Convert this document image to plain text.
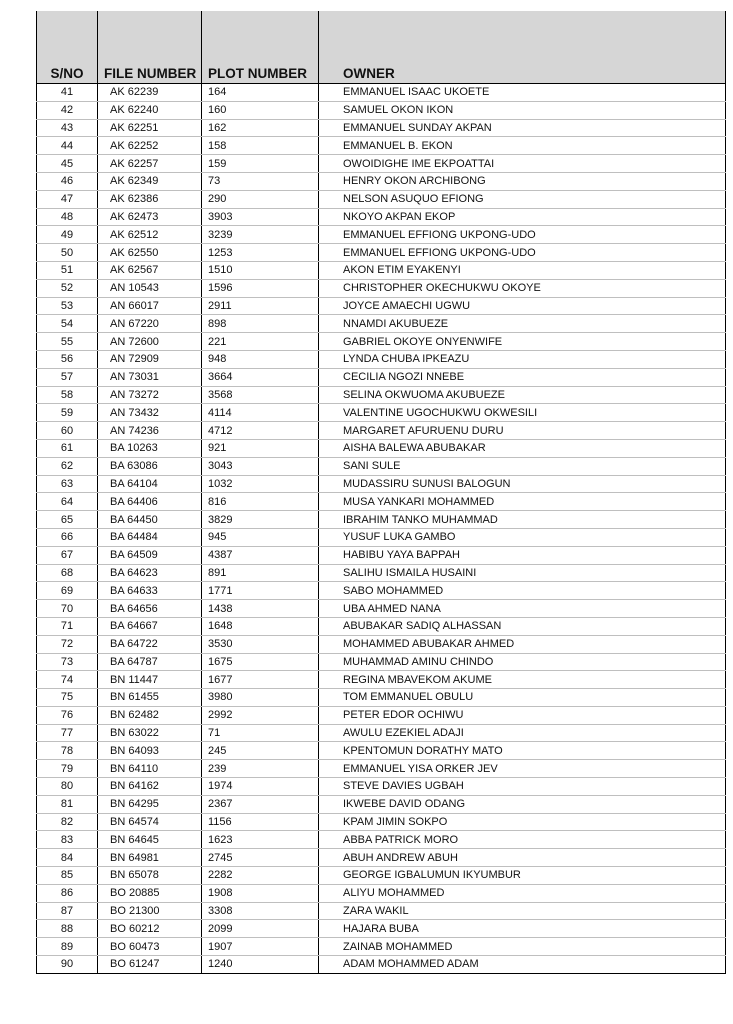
S/NO	FILE NUMBER	PLOT NUMBER	OWNER
41	AK 62239	164	EMMANUEL ISAAC UKOETE
42	AK 62240	160	SAMUEL OKON IKON
43	AK 62251	162	EMMANUEL SUNDAY AKPAN
44	AK 62252	158	EMMANUEL B. EKON
45	AK 62257	159	OWOIDIGHE IME EKPOATTAI
46	AK 62349	73	HENRY OKON ARCHIBONG
47	AK 62386	290	NELSON ASUQUO EFIONG
48	AK 62473	3903	NKOYO AKPAN EKOP
49	AK 62512	3239	EMMANUEL EFFIONG UKPONG-UDO
50	AK 62550	1253	EMMANUEL EFFIONG UKPONG-UDO
51	AK 62567	1510	AKON ETIM EYAKENYI
52	AN 10543	1596	CHRISTOPHER OKECHUKWU OKOYE
53	AN 66017	2911	JOYCE AMAECHI UGWU
54	AN 67220	898	NNAMDI AKUBUEZE
55	AN 72600	221	GABRIEL OKOYE ONYENWIFE
56	AN 72909	948	LYNDA CHUBA IPKEAZU
57	AN 73031	3664	CECILIA NGOZI NNEBE
58	AN 73272	3568	SELINA OKWUOMA AKUBUEZE
59	AN 73432	4114	VALENTINE UGOCHUKWU OKWESILI
60	AN 74236	4712	MARGARET AFURUENU DURU
61	BA 10263	921	AISHA BALEWA ABUBAKAR
62	BA 63086	3043	SANI SULE
63	BA 64104	1032	MUDASSIRU SUNUSI BALOGUN
64	BA 64406	816	MUSA YANKARI MOHAMMED
65	BA 64450	3829	IBRAHIM TANKO MUHAMMAD
66	BA 64484	945	YUSUF LUKA GAMBO
67	BA 64509	4387	HABIBU YAYA BAPPAH
68	BA 64623	891	SALIHU ISMAILA HUSAINI
69	BA 64633	1771	SABO MOHAMMED
70	BA 64656	1438	UBA AHMED NANA
71	BA 64667	1648	ABUBAKAR SADIQ ALHASSAN
72	BA 64722	3530	MOHAMMED ABUBAKAR AHMED
73	BA 64787	1675	MUHAMMAD AMINU CHINDO
74	BN 11447	1677	REGINA MBAVEKOM AKUME
75	BN 61455	3980	TOM EMMANUEL OBULU
76	BN 62482	2992	PETER EDOR OCHIWU
77	BN 63022	71	AWULU EZEKIEL ADAJI
78	BN 64093	245	KPENTOMUN DORATHY MATO
79	BN 64110	239	EMMANUEL YISA ORKER JEV
80	BN 64162	1974	STEVE DAVIES UGBAH
81	BN 64295	2367	IKWEBE DAVID ODANG
82	BN 64574	1156	KPAM JIMIN SOKPO
83	BN 64645	1623	ABBA PATRICK MORO
84	BN 64981	2745	ABUH ANDREW ABUH
85	BN 65078	2282	GEORGE IGBALUMUN IKYUMBUR
86	BO 20885	1908	ALIYU MOHAMMED
87	BO 21300	3308	ZARA WAKIL
88	BO 60212	2099	HAJARA BUBA
89	BO 60473	1907	ZAINAB MOHAMMED
90	BO 61247	1240	ADAM MOHAMMED ADAM
